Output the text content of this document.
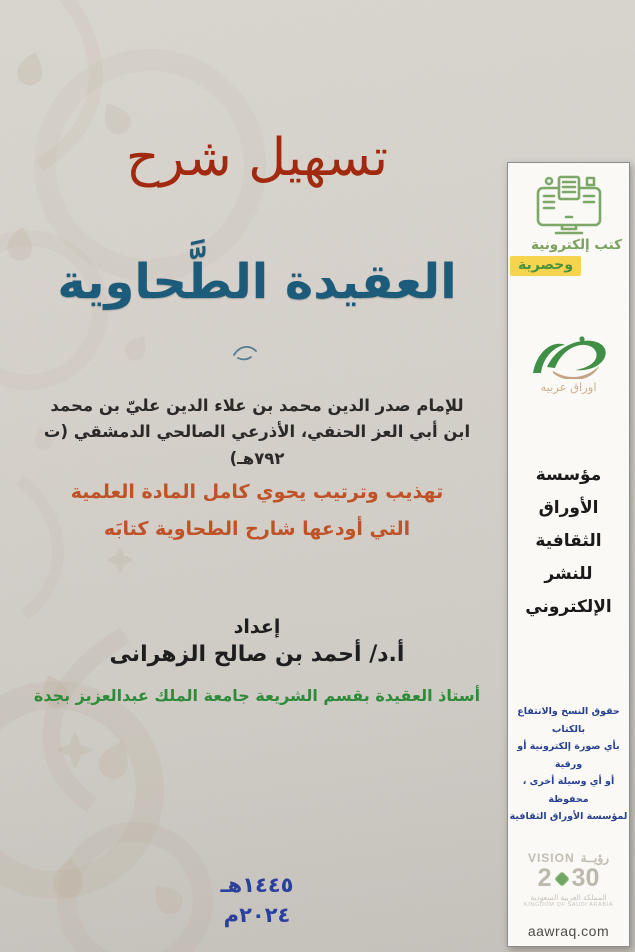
تسهيل شرح
العقيدة الطَّحاوية
للإمام صدر الدين محمد بن علاء الدين عليّ بن محمد
ابن أبي العز الحنفي، الأذرعي الصالحي الدمشقي (ت ٧٩٢هـ)
تهذيب وترتيب يحوي كامل المادة العلمية
التي أودعها شارح الطحاوية كتابَه
إعداد
أ.د/ أحمد بن صالح الزهرانى
أستاذ العقيدة بقسم الشريعة جامعة الملك عبدالعزيز بجدة
١٤٤٥هـ
٢٠٢٤م
كتب إلكترونية
وحصرية
اوراق عربيه
مؤسسة
الأوراق
الثقافية
للنشر
الإلكتروني
حقوق النسخ والانتفاع بالكتاب
بأي صورة إلكترونية أو ورقية
أو أي وسيلة أخرى ، محفوظة
لمؤسسة الأوراق الثقافية
VISION رؤيــة
2 30
المملكة العربية السعودية
KINGDOM OF SAUDI ARABIA
aawraq.com
